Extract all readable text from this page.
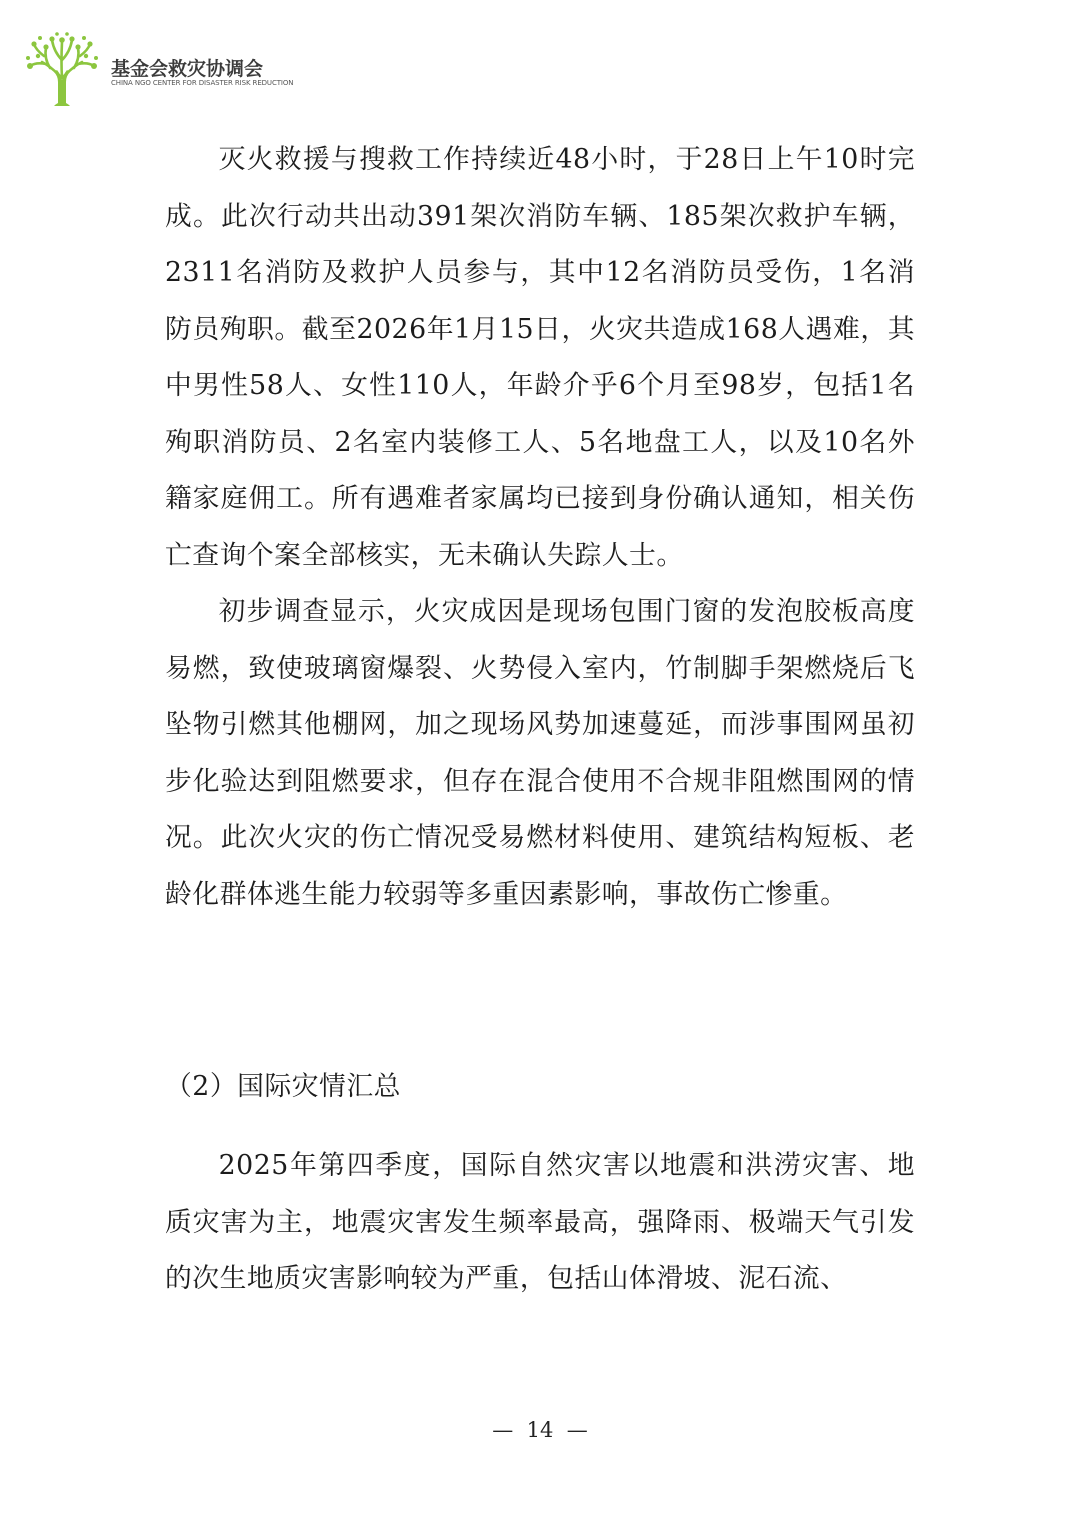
基金会救灾协调会
CHINA NGO CENTER FOR DISASTER RISK REDUCTION

灭火救援与搜救工作持续近48小时，于28日上午10时完成。此次行动共出动391架次消防车辆、185架次救护车辆，2311名消防及救护人员参与，其中12名消防员受伤，1名消防员殉职。截至2026年1月15日，火灾共造成168人遇难，其中男性58人、女性110人，年龄介乎6个月至98岁，包括1名殉职消防员、2名室内装修工人、5名地盘工人，以及10名外籍家庭佣工。所有遇难者家属均已接到身份确认通知，相关伤亡查询个案全部核实，无未确认失踪人士。

初步调查显示，火灾成因是现场包围门窗的发泡胶板高度易燃，致使玻璃窗爆裂、火势侵入室内，竹制脚手架燃烧后飞坠物引燃其他棚网，加之现场风势加速蔓延，而涉事围网虽初步化验达到阻燃要求，但存在混合使用不合规非阻燃围网的情况。此次火灾的伤亡情况受易燃材料使用、建筑结构短板、老龄化群体逃生能力较弱等多重因素影响，事故伤亡惨重。

（2）国际灾情汇总

2025年第四季度，国际自然灾害以地震和洪涝灾害、地质灾害为主，地震灾害发生频率最高，强降雨、极端天气引发的次生地质灾害影响较为严重，包括山体滑坡、泥石流、

—  14  —
